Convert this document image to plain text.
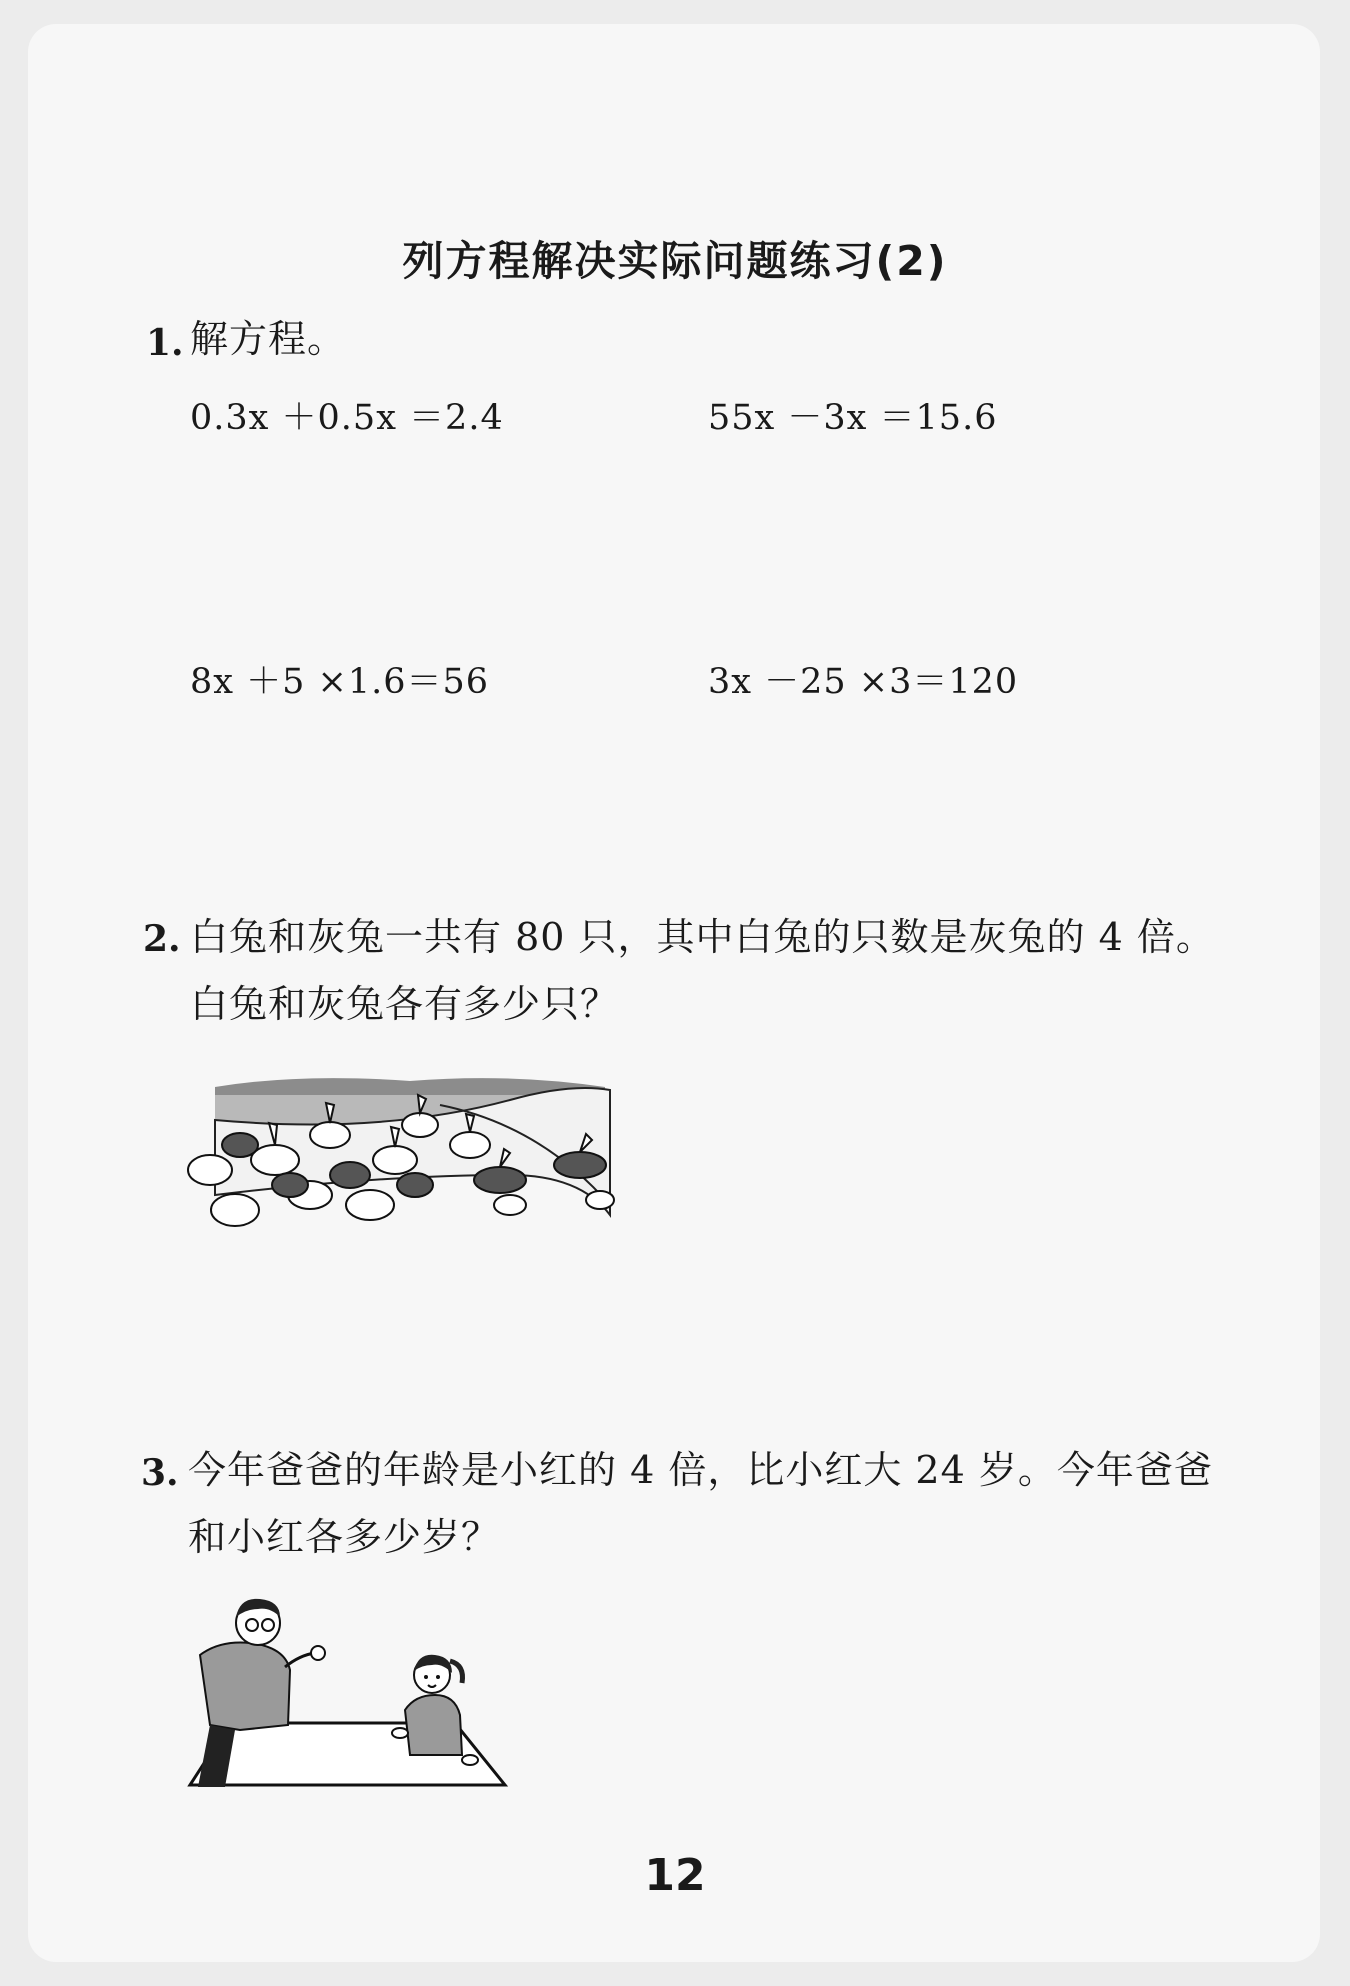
列方程解决实际问题练习(2)
1. 解方程。
0.3x ＋0.5x ＝2.4	55x －3x ＝15.6
8x ＋5 ×1.6＝56	3x －25 ×3＝120
2. 白兔和灰兔一共有 80 只，其中白兔的只数是灰兔的 4 倍。
白兔和灰兔各有多少只？
3. 今年爸爸的年龄是小红的 4 倍，比小红大 24 岁。今年爸爸
和小红各多少岁？
12
